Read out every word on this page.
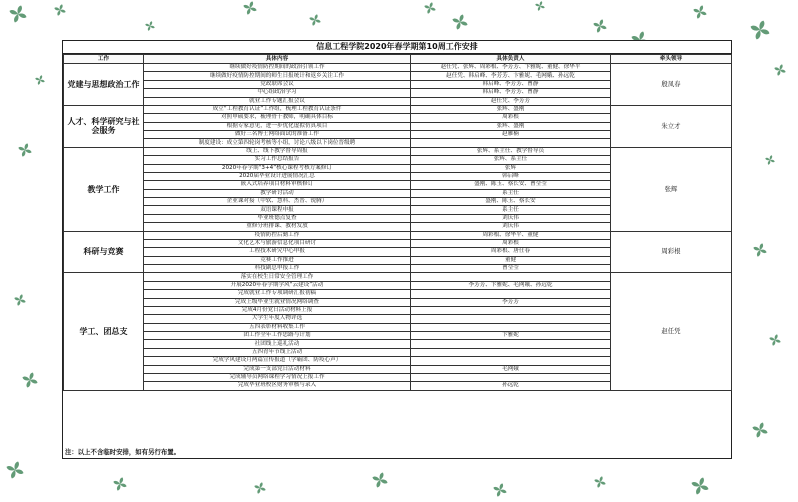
信息工程学院2020年春学期第10周工作安排
工作	具体内容	具体负责人	牵头领导
党建与思想政治工作	继续做好疫情防控期间的政治引领工作	赵任凭、张辉、周彩根、李芳芳、卞雅妮、董健、徐华平	殷凤春
	继续做好疫情防控期间的师生日报统计和返乡关注工作	赵任凭、韩启峰、李芳芳、卞雅妮、毛网娥、孙远乾	
	党政联席会议	韩启峰、李芳芳、曹静	
	中心组政治学习	韩启峰、李芳芳、曹静	
	就业工作专题汇报会议	赵任凭、李芳芳	
人才、科学研究与社会服务	成立“工程教育认证”工作组，梳理工程教育认证条件	张辉、盛刚	朱立才
	对照申硕要求，梳理骨干教师，明确具体目标	周彩根	
	根据专家意见，进一步优化虚拟仿真项目	张辉、盛刚	
	做好三名博士网络面试的准备工作	赵雁楠	
	制度建设：成立第四轮岗考核等小组，讨论八级以下岗位晋级聘		
教学工作	线上、线下教学督导周报	张辉、系主任、教学督导员	张辉
	实习工作总结报告	张辉、系主任	
	2020年春学期“3+4”核心课程考核方案修订	张辉	
	2020届毕业设计进展情况汇总	韩启峰	
	嵌入式培养项目材料审核修订	盛刚、陈玉、蔡长安、曹莹莹	
	教学研讨活动	系主任	
	企业课对接（中软、慧科、杰普、锐腾）	盛刚、陈玉、蔡长安	
	双语课程申报	系主任	
	毕业班德点复查	刘庆伟	
	重修分班排课、教材发放	刘庆伟	
科研与竞赛	疫情防控后勤工作	周彩根、徐华平、董健	周彩根
	文化艺术与旅游信息化项目研讨	周彩根	
	工程技术研究中心申报	周彩根、唐仕春	
	竞赛工作推进	董健	
	科技副总申报工作	曹莹莹	
学工、团总支	落实在校生日常安全管理工作		赵任凭
	开展2020年春学期学风“云建设”活动	李芳芳、卞雅妮、毛网娥、孙远乾	
	完成就业工作专项调研汇报初稿		
	完成上级毕业生就业情况网络调查	李芳芳	
	完成4月份党日活动材料上报		
	大学生年度人物评选		
	五四表彰材料收集工作		
	团工作全年工作思路与计划	卞雅妮	
	社团线上巡礼活动		
	五四青年节线上活动		
	完成学风建设月两篇宣传报道（学霸团、防疫心声）		
	完成第一支部党日活动材料	毛网娥	
	完成辅导员网络课程学习情况上报工作		
	完成毕业班校区财务审核与录入	孙远乾	
注：以上不含临时安排，如有另行布置。
